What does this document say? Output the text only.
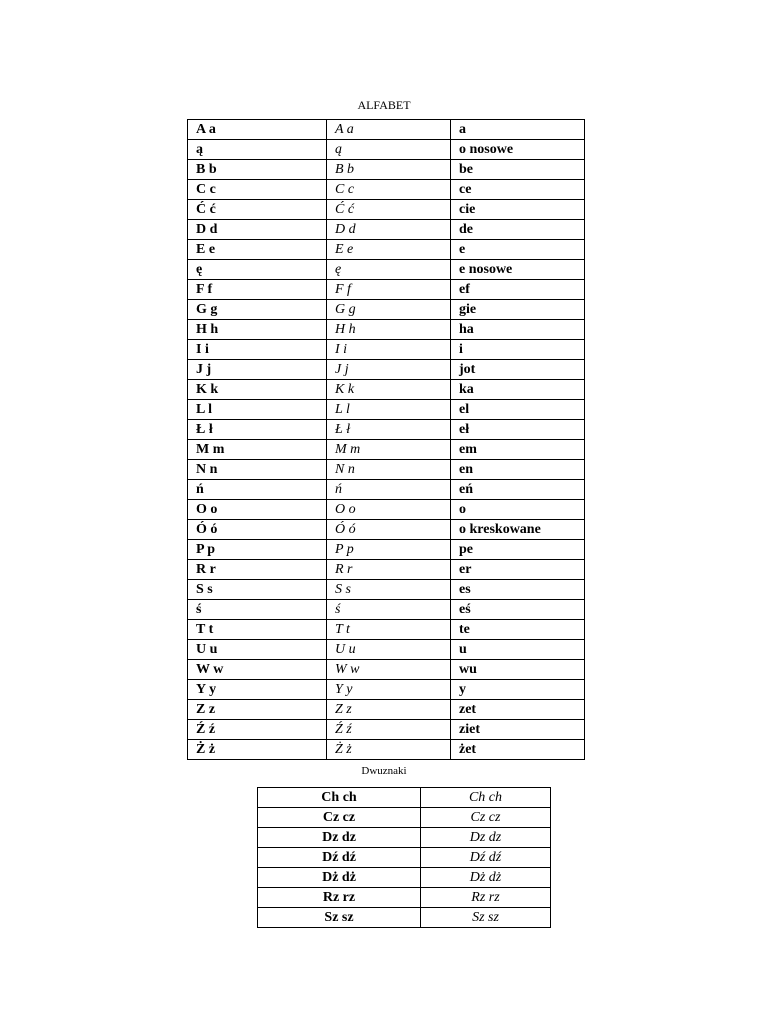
ALFABET
A a	A a	a
ą	ą	o nosowe
B b	B b	be
C c	C c	ce
Ć ć	Ć ć	cie
D d	D d	de
E e	E e	e
ę	ę	e nosowe
F f	F f	ef
G g	G g	gie
H h	H h	ha
I i	I i	i
J j	J j	jot
K k	K k	ka
L l	L l	el
Ł ł	Ł ł	eł
M m	M m	em
N n	N n	en
ń	ń	eń
O o	O o	o
Ó ó	Ó ó	o kreskowane
P p	P p	pe
R r	R r	er
S s	S s	es
ś	ś	eś
T t	T t	te
U u	U u	u
W w	W w	wu
Y y	Y y	y
Z z	Z z	zet
Ź ź	Ź ź	ziet
Ż ż	Ż ż	żet
Dwuznaki
Ch ch	Ch ch
Cz cz	Cz cz
Dz dz	Dz dz
Dź dź	Dź dź
Dż dż	Dż dż
Rz rz	Rz rz
Sz sz	Sz sz
